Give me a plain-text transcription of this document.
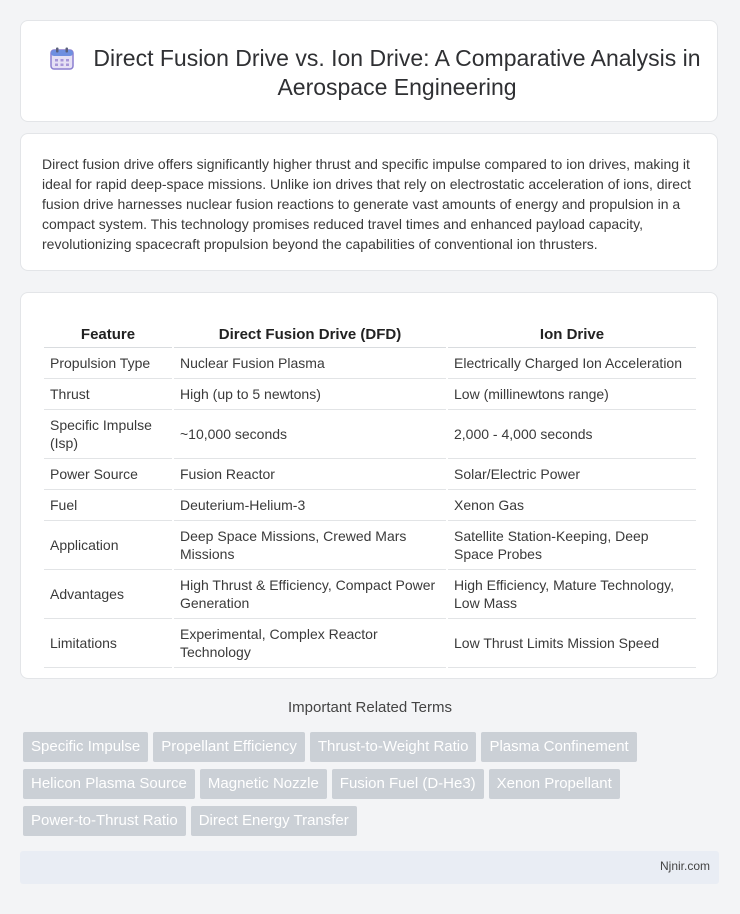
Direct Fusion Drive vs. Ion Drive: A Comparative Analysis in Aerospace Engineering

Direct fusion drive offers significantly higher thrust and specific impulse compared to ion drives, making it ideal for rapid deep-space missions. Unlike ion drives that rely on electrostatic acceleration of ions, direct fusion drive harnesses nuclear fusion reactions to generate vast amounts of energy and propulsion in a compact system. This technology promises reduced travel times and enhanced payload capacity, revolutionizing spacecraft propulsion beyond the capabilities of conventional ion thrusters.

Feature	Direct Fusion Drive (DFD)	Ion Drive
Propulsion Type	Nuclear Fusion Plasma	Electrically Charged Ion Acceleration
Thrust	High (up to 5 newtons)	Low (millinewtons range)
Specific Impulse (Isp)	~10,000 seconds	2,000 - 4,000 seconds
Power Source	Fusion Reactor	Solar/Electric Power
Fuel	Deuterium-Helium-3	Xenon Gas
Application	Deep Space Missions, Crewed Mars Missions	Satellite Station-Keeping, Deep Space Probes
Advantages	High Thrust & Efficiency, Compact Power Generation	High Efficiency, Mature Technology, Low Mass
Limitations	Experimental, Complex Reactor Technology	Low Thrust Limits Mission Speed
Important Related Terms
Specific Impulse Propellant Efficiency Thrust-to-Weight Ratio Plasma ConfinementHelicon Plasma Source Magnetic Nozzle Fusion Fuel (D-He3) Xenon PropellantPower-to-Thrust Ratio Direct Energy Transfer
Njnir.com
